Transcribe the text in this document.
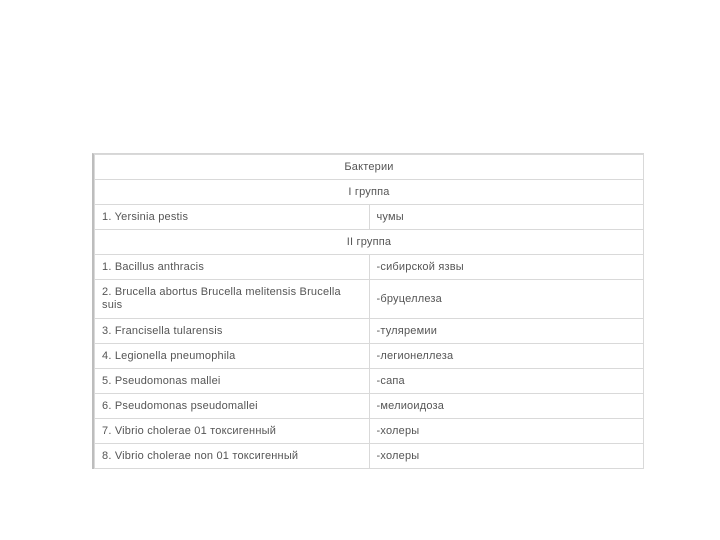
Бактерии	
I группа	
1. Yersinia pestis	чумы
II группа	
1. Bacillus anthracis	-сибирской язвы
2. Brucella abortus Brucella melitensis Brucella suis	-бруцеллеза
3. Francisella tularensis	-туляремии
4. Legionella pneumophila	-легионеллеза
5. Pseudomonas mallei	-сапа
6. Pseudomonas pseudomallei	-мелиоидоза
7. Vibrio cholerae 01 токсигенный	-холеры
8. Vibrio cholerae non 01 токсигенный	-холеры
